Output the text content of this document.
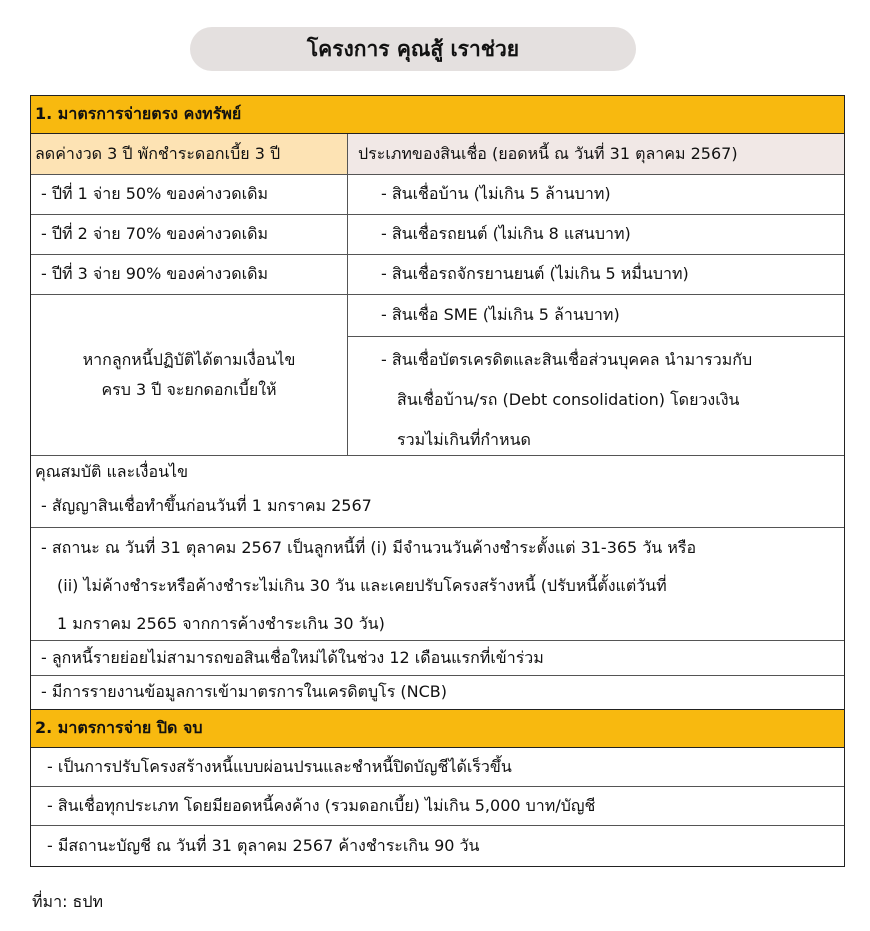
โครงการ คุณสู้ เราช่วย
1. มาตรการจ่ายตรง คงทรัพย์
ลดค่างวด 3 ปี พักชำระดอกเบี้ย 3 ปี	ประเภทของสินเชื่อ (ยอดหนี้ ณ วันที่ 31 ตุลาคม 2567)
- ปีที่ 1 จ่าย 50% ของค่างวดเดิม
- ปีที่ 2 จ่าย 70% ของค่างวดเดิม
- ปีที่ 3 จ่าย 90% ของค่างวดเดิม
หากลูกหนี้ปฏิบัติได้ตามเงื่อนไข
ครบ 3 ปี จะยกดอกเบี้ยให้
- สินเชื่อบ้าน (ไม่เกิน 5 ล้านบาท)
- สินเชื่อรถยนต์ (ไม่เกิน 8 แสนบาท)
- สินเชื่อรถจักรยานยนต์ (ไม่เกิน 5 หมื่นบาท)
- สินเชื่อ SME (ไม่เกิน 5 ล้านบาท)
- สินเชื่อบัตรเครดิตและสินเชื่อส่วนบุคคล นำมารวมกับ
สินเชื่อบ้าน/รถ (Debt consolidation) โดยวงเงิน
รวมไม่เกินที่กำหนด
คุณสมบัติ และเงื่อนไข
- สัญญาสินเชื่อทำขึ้นก่อนวันที่ 1 มกราคม 2567
- สถานะ ณ วันที่ 31 ตุลาคม 2567 เป็นลูกหนี้ที่ (i) มีจำนวนวันค้างชำระตั้งแต่ 31-365 วัน หรือ
(ii) ไม่ค้างชำระหรือค้างชำระไม่เกิน 30 วัน และเคยปรับโครงสร้างหนี้ (ปรับหนี้ตั้งแต่วันที่
1 มกราคม 2565 จากการค้างชำระเกิน 30 วัน)
- ลูกหนี้รายย่อยไม่สามารถขอสินเชื่อใหม่ได้ในช่วง 12 เดือนแรกที่เข้าร่วม
- มีการรายงานข้อมูลการเข้ามาตรการในเครดิตบูโร (NCB)
2. มาตรการจ่าย ปิด จบ
- เป็นการปรับโครงสร้างหนี้แบบผ่อนปรนและชำหนี้ปิดบัญชีได้เร็วขึ้น
- สินเชื่อทุกประเภท โดยมียอดหนี้คงค้าง (รวมดอกเบี้ย) ไม่เกิน 5,000 บาท/บัญชี
- มีสถานะบัญชี ณ วันที่ 31 ตุลาคม 2567 ค้างชำระเกิน 90 วัน
ที่มา: ธปท
